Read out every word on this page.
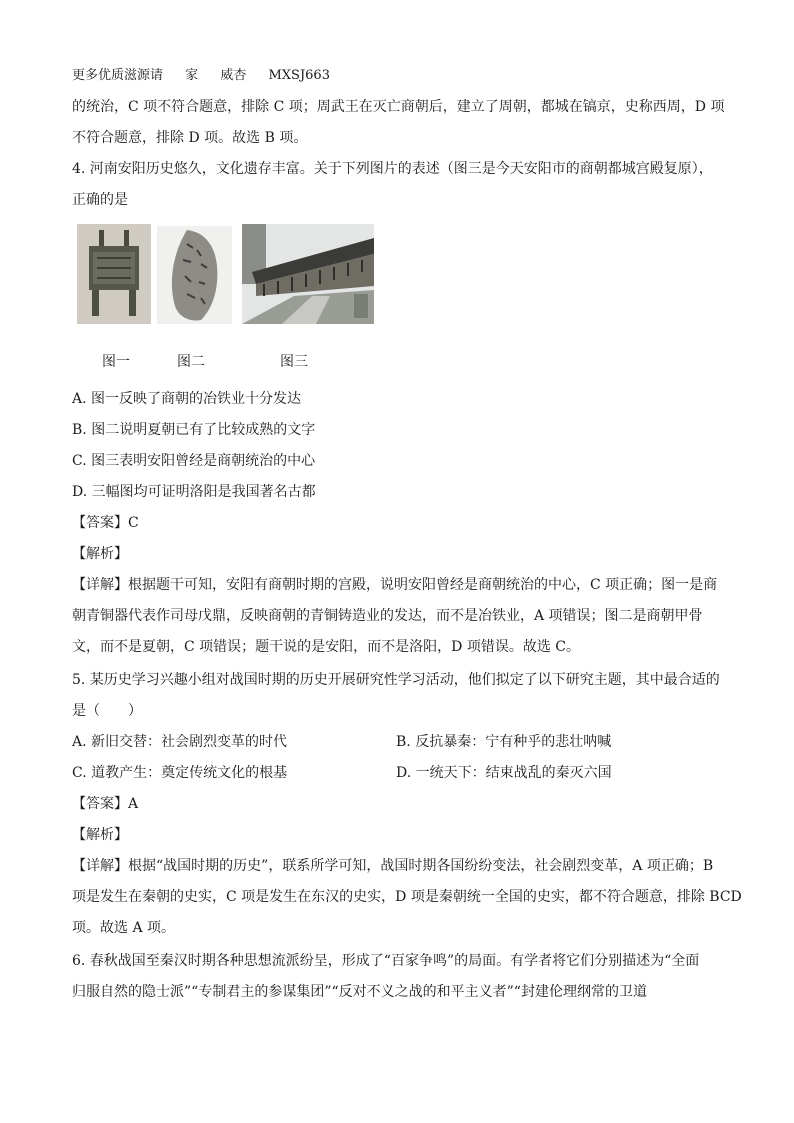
更多优质滋源请 家 威杏 MXSJ663
的统治，C 项不符合题意，排除 C 项；周武王在灭亡商朝后，建立了周朝，都城在镐京，史称西周，D 项
不符合题意，排除 D 项。故选 B 项。
4. 河南安阳历史悠久，文化遗存丰富。关于下列图片的表述（图三是今天安阳市的商朝都城宫殿复原），
正确的是
图一	图二	图三
A. 图一反映了商朝的冶铁业十分发达
B. 图二说明夏朝已有了比较成熟的文字
C. 图三表明安阳曾经是商朝统治的中心
D. 三幅图均可证明洛阳是我国著名古都
【答案】C
【解析】
【详解】根据题干可知，安阳有商朝时期的宫殿，说明安阳曾经是商朝统治的中心，C 项正确；图一是商
朝青铜器代表作司母戊鼎，反映商朝的青铜铸造业的发达，而不是冶铁业，A 项错误；图二是商朝甲骨
文，而不是夏朝，C 项错误；题干说的是安阳，而不是洛阳，D 项错误。故选 C。
5. 某历史学习兴趣小组对战国时期的历史开展研究性学习活动，他们拟定了以下研究主题，其中最合适的
是（　　）
A. 新旧交替：社会剧烈变革的时代	B. 反抗暴秦：宁有种乎的悲壮呐喊
C. 道教产生：奠定传统文化的根基	D. 一统天下：结束战乱的秦灭六国
【答案】A
【解析】
【详解】根据“战国时期的历史”，联系所学可知，战国时期各国纷纷变法，社会剧烈变革，A 项正确；B
项是发生在秦朝的史实，C 项是发生在东汉的史实，D 项是秦朝统一全国的史实，都不符合题意，排除 BCD
项。故选 A 项。
6. 春秋战国至秦汉时期各种思想流派纷呈，形成了“百家争鸣”的局面。有学者将它们分别描述为“全面
归服自然的隐士派”“专制君主的参谋集团”“反对不义之战的和平主义者”“封建伦理纲常的卫道
